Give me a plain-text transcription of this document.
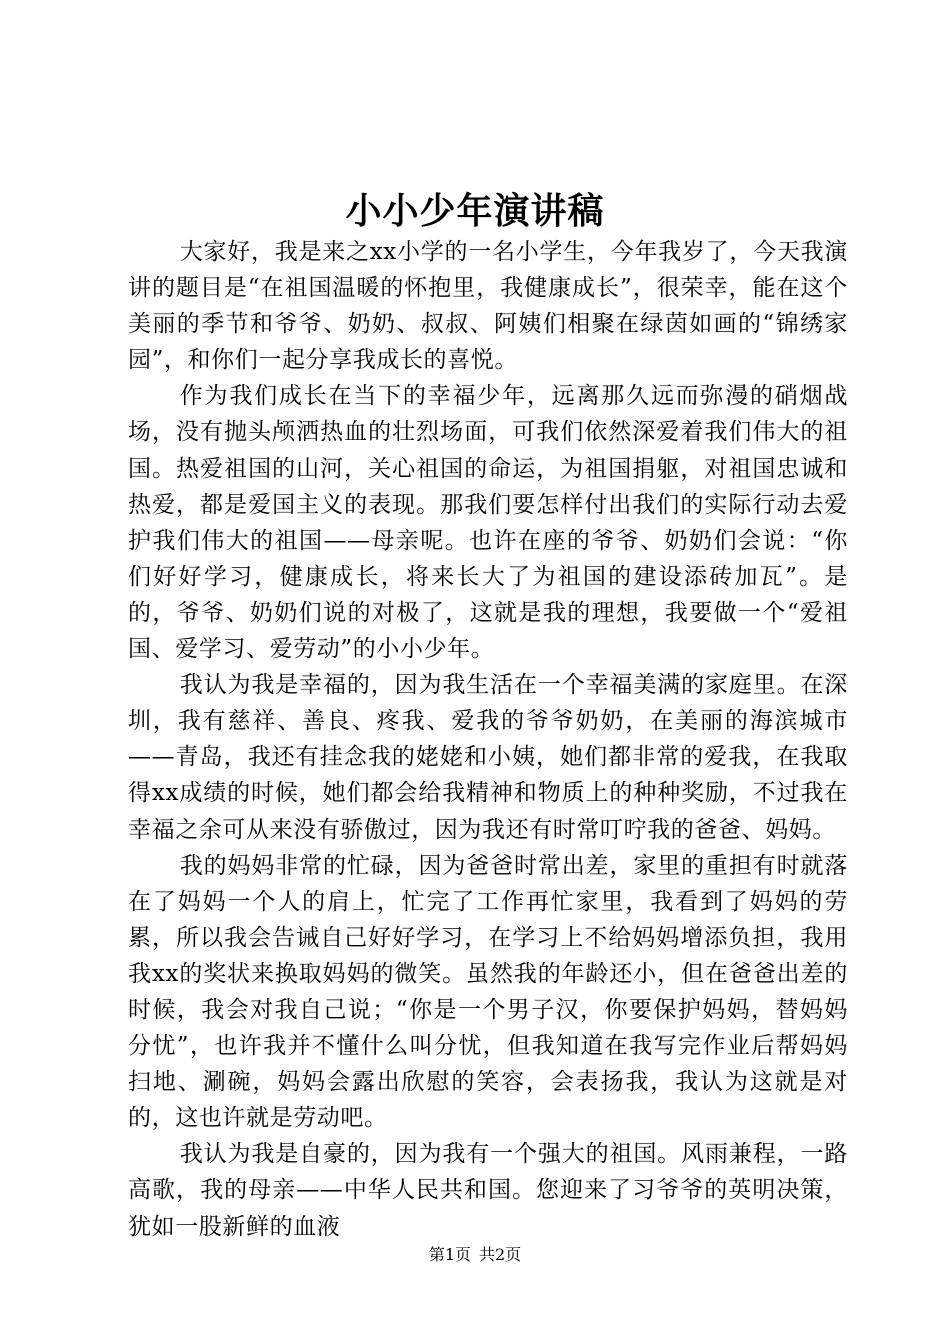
小小少年演讲稿

大家好，我是来之xx小学的一名小学生，今年我岁了，今天我演讲的题目是“在祖国温暖的怀抱里，我健康成长”，很荣幸，能在这个美丽的季节和爷爷、奶奶、叔叔、阿姨们相聚在绿茵如画的“锦绣家园”，和你们一起分享我成长的喜悦。

作为我们成长在当下的幸福少年，远离那久远而弥漫的硝烟战场，没有抛头颅洒热血的壮烈场面，可我们依然深爱着我们伟大的祖国。热爱祖国的山河，关心祖国的命运，为祖国捐躯，对祖国忠诚和热爱，都是爱国主义的表现。那我们要怎样付出我们的实际行动去爱护我们伟大的祖国——母亲呢。也许在座的爷爷、奶奶们会说：“你们好好学习，健康成长，将来长大了为祖国的建设添砖加瓦”。是的，爷爷、奶奶们说的对极了，这就是我的理想，我要做一个“爱祖国、爱学习、爱劳动”的小小少年。

我认为我是幸福的，因为我生活在一个幸福美满的家庭里。在深圳，我有慈祥、善良、疼我、爱我的爷爷奶奶，在美丽的海滨城市——青岛，我还有挂念我的姥姥和小姨，她们都非常的爱我，在我取得xx成绩的时候，她们都会给我精神和物质上的种种奖励，不过我在幸福之余可从来没有骄傲过，因为我还有时常叮咛我的爸爸、妈妈。

我的妈妈非常的忙碌，因为爸爸时常出差，家里的重担有时就落在了妈妈一个人的肩上，忙完了工作再忙家里，我看到了妈妈的劳累，所以我会告诫自己好好学习，在学习上不给妈妈增添负担，我用我xx的奖状来换取妈妈的微笑。虽然我的年龄还小，但在爸爸出差的时候，我会对我自己说；“你是一个男子汉，你要保护妈妈，替妈妈分忧”，也许我并不懂什么叫分忧，但我知道在我写完作业后帮妈妈扫地、涮碗，妈妈会露出欣慰的笑容，会表扬我，我认为这就是对的，这也许就是劳动吧。

我认为我是自豪的，因为我有一个强大的祖国。风雨兼程，一路高歌，我的母亲——中华人民共和国。您迎来了习爷爷的英明决策，犹如一股新鲜的血液

第1页 共2页
